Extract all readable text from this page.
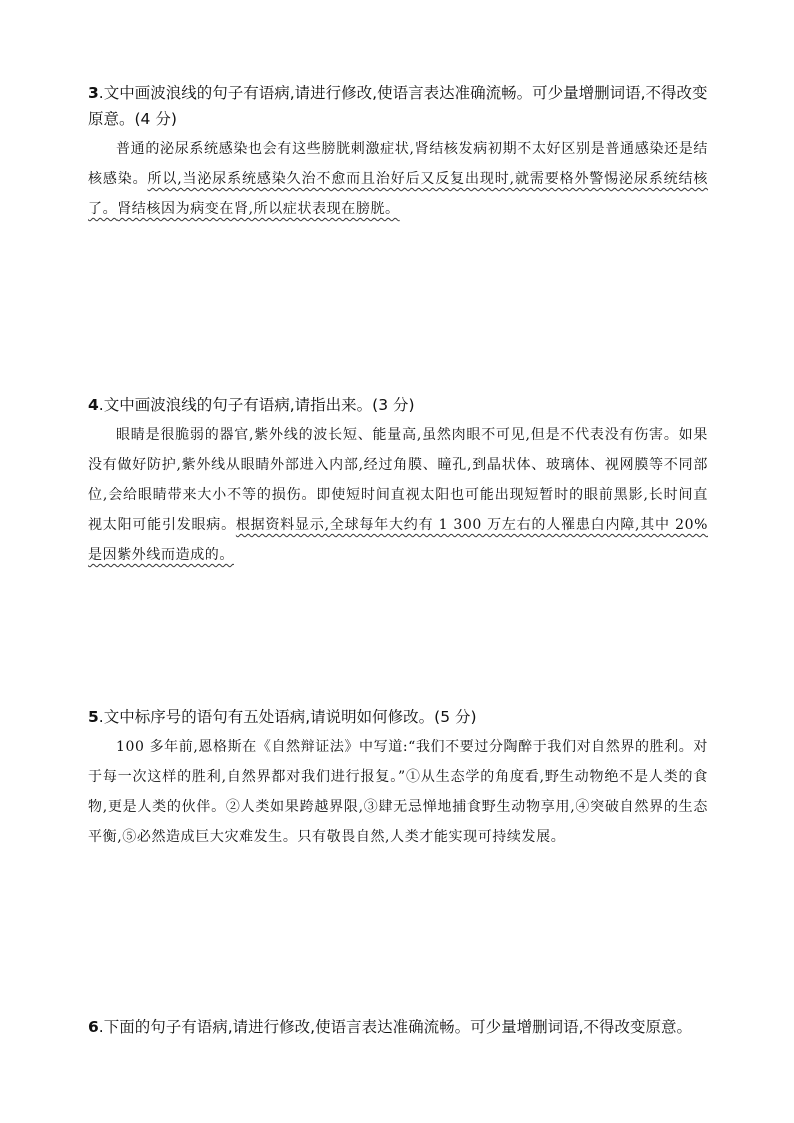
3.文中画波浪线的句子有语病,请进行修改,使语言表达准确流畅。可少量增删词语,不得改变原意。(4 分)

普通的泌尿系统感染也会有这些膀胱刺激症状,肾结核发病初期不太好区别是普通感染还是结核感染。所以,当泌尿系统感染久治不愈而且治好后又反复出现时,就需要格外警惕泌尿系统结核了。肾结核因为病变在肾,所以症状表现在膀胱。

4.文中画波浪线的句子有语病,请指出来。(3 分)

眼睛是很脆弱的器官,紫外线的波长短、能量高,虽然肉眼不可见,但是不代表没有伤害。如果没有做好防护,紫外线从眼睛外部进入内部,经过角膜、瞳孔,到晶状体、玻璃体、视网膜等不同部位,会给眼睛带来大小不等的损伤。即使短时间直视太阳也可能出现短暂时的眼前黑影,长时间直视太阳可能引发眼病。根据资料显示,全球每年大约有 1 300 万左右的人罹患白内障,其中 20%是因紫外线而造成的。

5.文中标序号的语句有五处语病,请说明如何修改。(5 分)

100 多年前,恩格斯在《自然辩证法》中写道:“我们不要过分陶醉于我们对自然界的胜利。对于每一次这样的胜利,自然界都对我们进行报复。”①从生态学的角度看,野生动物绝不是人类的食物,更是人类的伙伴。②人类如果跨越界限,③肆无忌惮地捕食野生动物享用,④突破自然界的生态平衡,⑤必然造成巨大灾难发生。只有敬畏自然,人类才能实现可持续发展。

6.下面的句子有语病,请进行修改,使语言表达准确流畅。可少量增删词语,不得改变原意。
